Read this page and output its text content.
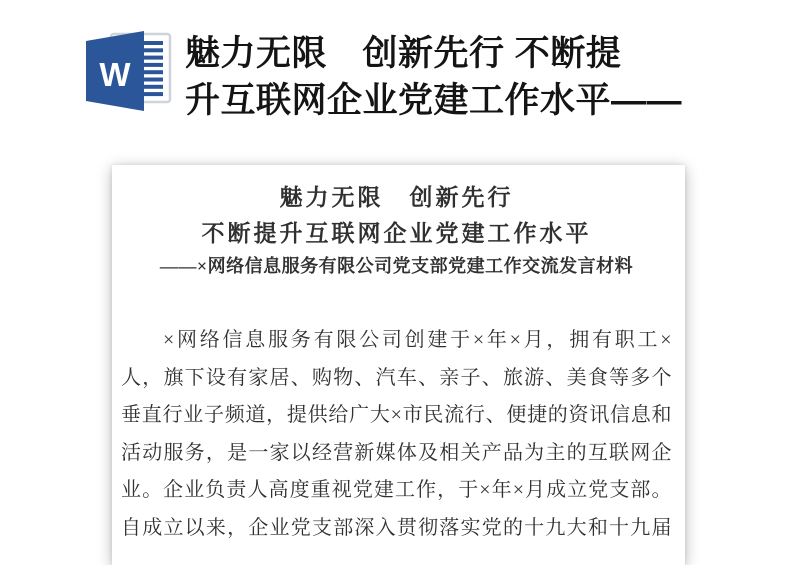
W
魅力无限　创新先行 不断提
升互联网企业党建工作水平——
魅力无限　创新先行
不断提升互联网企业党建工作水平
——×网络信息服务有限公司党支部党建工作交流发言材料
×网络信息服务有限公司创建于×年×月，拥有职工×
人，旗下设有家居、购物、汽车、亲子、旅游、美食等多个
垂直行业子频道，提供给广大×市民流行、便捷的资讯信息和
活动服务，是一家以经营新媒体及相关产品为主的互联网企
业。企业负责人高度重视党建工作，于×年×月成立党支部。
自成立以来，企业党支部深入贯彻落实党的十九大和十九届
